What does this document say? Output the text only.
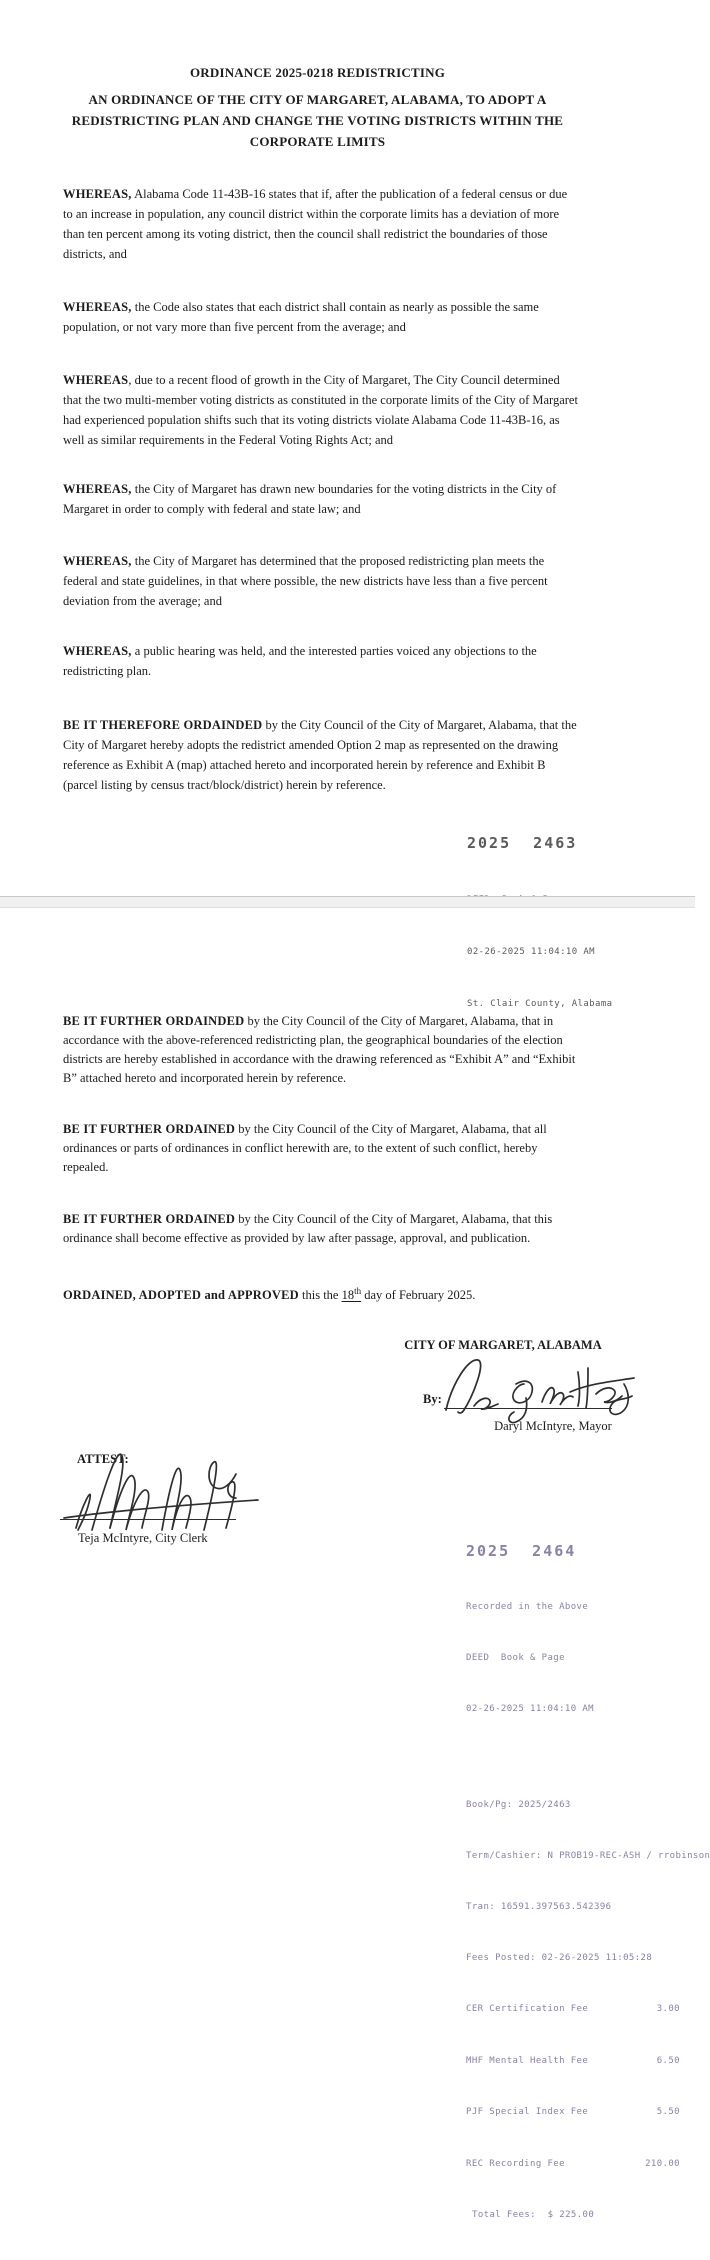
ORDINANCE 2025-0218 REDISTRICTING
AN ORDINANCE OF THE CITY OF MARGARET, ALABAMA, TO ADOPT A
REDISTRICTING PLAN AND CHANGE THE VOTING DISTRICTS WITHIN THE
CORPORATE LIMITS

WHEREAS, Alabama Code 11-43B-16 states that if, after the publication of a federal census or due to an increase in population, any council district within the corporate limits has a deviation of more than ten percent among its voting district, then the council shall redistrict the boundaries of those districts, and

WHEREAS, the Code also states that each district shall contain as nearly as possible the same population, or not vary more than five percent from the average; and

WHEREAS, due to a recent flood of growth in the City of Margaret, The City Council determined that the two multi-member voting districts as constituted in the corporate limits of the City of Margaret had experienced population shifts such that its voting districts violate Alabama Code 11-43B-16, as well as similar requirements in the Federal Voting Rights Act; and

WHEREAS, the City of Margaret has drawn new boundaries for the voting districts in the City of Margaret in order to comply with federal and state law; and

WHEREAS, the City of Margaret has determined that the proposed redistricting plan meets the federal and state guidelines, in that where possible, the new districts have less than a five percent deviation from the average; and

WHEREAS, a public hearing was held, and the interested parties voiced any objections to the redistricting plan.

BE IT THEREFORE ORDAINDED by the City Council of the City of Margaret, Alabama, that the City of Margaret hereby adopts the redistrict amended Option 2 map as represented on the drawing reference as Exhibit A (map) attached hereto and incorporated herein by reference and Exhibit B (parcel listing by census tract/block/district) herein by reference.

2025  2463

02-26-2025 11:04:10 AM

St. Clair County, Alabama

BE IT FURTHER ORDAINDED by the City Council of the City of Margaret, Alabama, that in accordance with the above-referenced redistricting plan, the geographical boundaries of the election districts are hereby established in accordance with the drawing referenced as “Exhibit A” and “Exhibit B” attached hereto and incorporated herein by reference.

BE IT FURTHER ORDAINED by the City Council of the City of Margaret, Alabama, that all ordinances or parts of ordinances in conflict herewith are, to the extent of such conflict, hereby repealed.

BE IT FURTHER ORDAINED by the City Council of the City of Margaret, Alabama, that this ordinance shall become effective as provided by law after passage, approval, and publication.

ORDAINED, ADOPTED and APPROVED this the 18th day of February 2025.

CITY OF MARGARET, ALABAMA
By:
Daryl McIntyre, Mayor
ATTEST:
Teja McIntyre, City Clerk

2025  2464

Recorded in the Above

DEED  Book & Page

02-26-2025 11:04:10 AM

Book/Pg: 2025/2463

Term/Cashier: N PROB19-REC-ASH / rrobinson

Tran: 16591.397563.542396

Fees Posted: 02-26-2025 11:05:28

CER Certification Fee	3.00

MHF Mental Health Fee	6.50

PJF Special Index Fee	5.50

REC Recording Fee	210.00

Total Fees:  $ 225.00
